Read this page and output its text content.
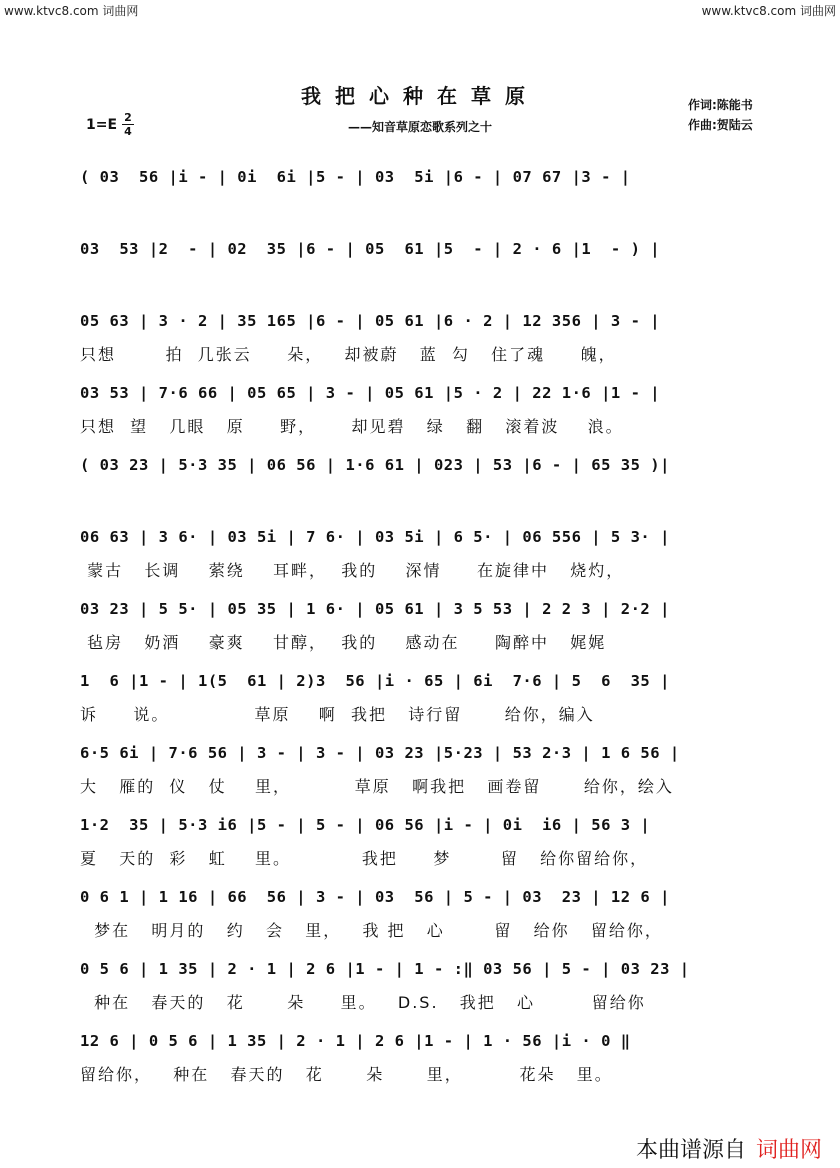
www.ktvc8.com 词曲网	www.ktvc8.com 词曲网
我把心种在草原
——知音草原恋歌系列之十
作词:陈能书
作曲:贺陆云
1=E 2
4
( 03  56 |i - | 0i  6i |5 - | 03  5i |6 - | 07 67 |3 - |
03  53 |2  - | 02  35 |6 - | 05  61 |5  - | 2 · 6 |1  - ) |
05 63 | 3 · 2 | 35 165 |6 - | 05 61 |6 · 2 | 12 356 | 3 - |
只想       拍  几张云     朵，   却被蔚   蓝  勾   住了魂     魄，
03 53 | 7·6 66 | 05 65 | 3 - | 05 61 |5 · 2 | 22 1·6 |1 - |
只想  望   几眼   原     野，     却见碧   绿   翻   滚着波    浪。
( 03 23 | 5·3 35 | 06 56 | 1·6 61 | 023 | 53 |6 - | 65 35 )|
06 63 | 3 6· | 03 5i | 7 6· | 03 5i | 6 5· | 06 556 | 5 3· |
蒙古   长调    萦绕    耳畔，  我的    深情     在旋律中   烧灼，
03 23 | 5 5· | 05 35 | 1 6· | 05 61 | 3 5 53 | 2 2 3 | 2·2 |
毡房   奶酒    豪爽    甘醇，  我的    感动在     陶醉中   娓娓
1  6 |1 - | 1(5  61 | 2)3  56 |i · 65 | 6i  7·6 | 5  6  35 |
诉     说。            草原    啊  我把   诗行留      给你，编入
6·5 6i | 7·6 56 | 3 - | 3 - | 03 23 |5·23 | 53 2·3 | 1 6 56 |
大   雁的  仪   仗    里，         草原   啊我把   画卷留      给你，绘入
1·2  35 | 5·3 i6 |5 - | 5 - | 06 56 |i - | 0i  i6 | 56 3 |
夏   天的  彩   虹    里。          我把     梦       留   给你留给你，
0 6 1 | 1 16 | 66  56 | 3 - | 03  56 | 5 - | 03  23 | 12 6 |
梦在   明月的   约   会   里，   我 把   心       留   给你   留给你，
0 5 6 | 1 35 | 2 · 1 | 2 6 |1 - | 1 - :‖ 03 56 | 5 - | 03 23 |
种在   春天的   花      朵     里。   D.S.   我把   心        留给你
12 6 | 0 5 6 | 1 35 | 2 · 1 | 2 6 |1 - | 1 · 56 |i · 0 ‖
留给你，   种在   春天的   花      朵      里，        花朵   里。
本曲谱源自 词曲网
